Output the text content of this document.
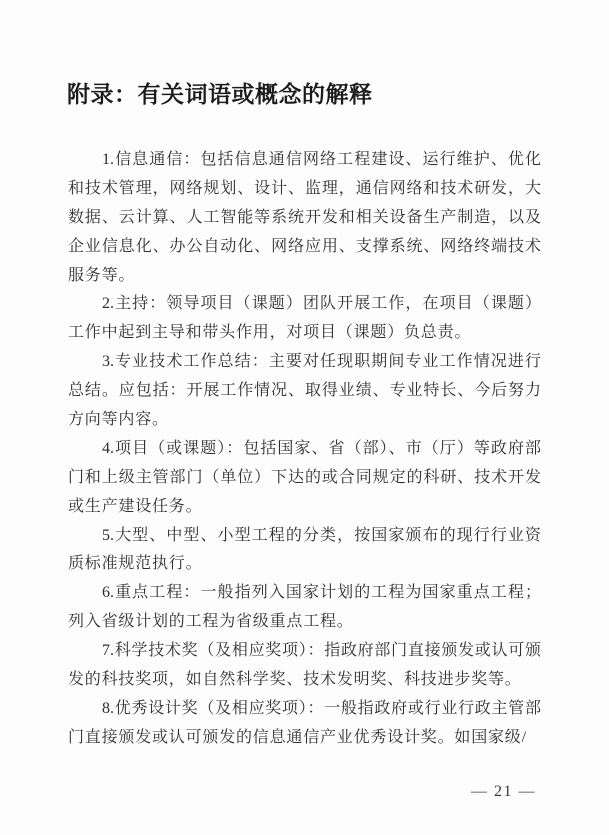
附录：有关词语或概念的解释
1.信息通信：包括信息通信网络工程建设、运行维护、优化
和技术管理，网络规划、设计、监理，通信网络和技术研发，大
数据、云计算、人工智能等系统开发和相关设备生产制造，以及
企业信息化、办公自动化、网络应用、支撑系统、网络终端技术
服务等。
2.主持：领导项目（课题）团队开展工作，在项目（课题）
工作中起到主导和带头作用，对项目（课题）负总责。
3.专业技术工作总结：主要对任现职期间专业工作情况进行
总结。应包括：开展工作情况、取得业绩、专业特长、今后努力
方向等内容。
4.项目（或课题）：包括国家、省（部）、市（厅）等政府部
门和上级主管部门（单位）下达的或合同规定的科研、技术开发
或生产建设任务。
5.大型、中型、小型工程的分类，按国家颁布的现行行业资
质标准规范执行。
6.重点工程：一般指列入国家计划的工程为国家重点工程；
列入省级计划的工程为省级重点工程。
7.科学技术奖（及相应奖项）：指政府部门直接颁发或认可颁
发的科技奖项，如自然科学奖、技术发明奖、科技进步奖等。
8.优秀设计奖（及相应奖项）：一般指政府或行业行政主管部
门直接颁发或认可颁发的信息通信产业优秀设计奖。如国家级/
— 21 —
